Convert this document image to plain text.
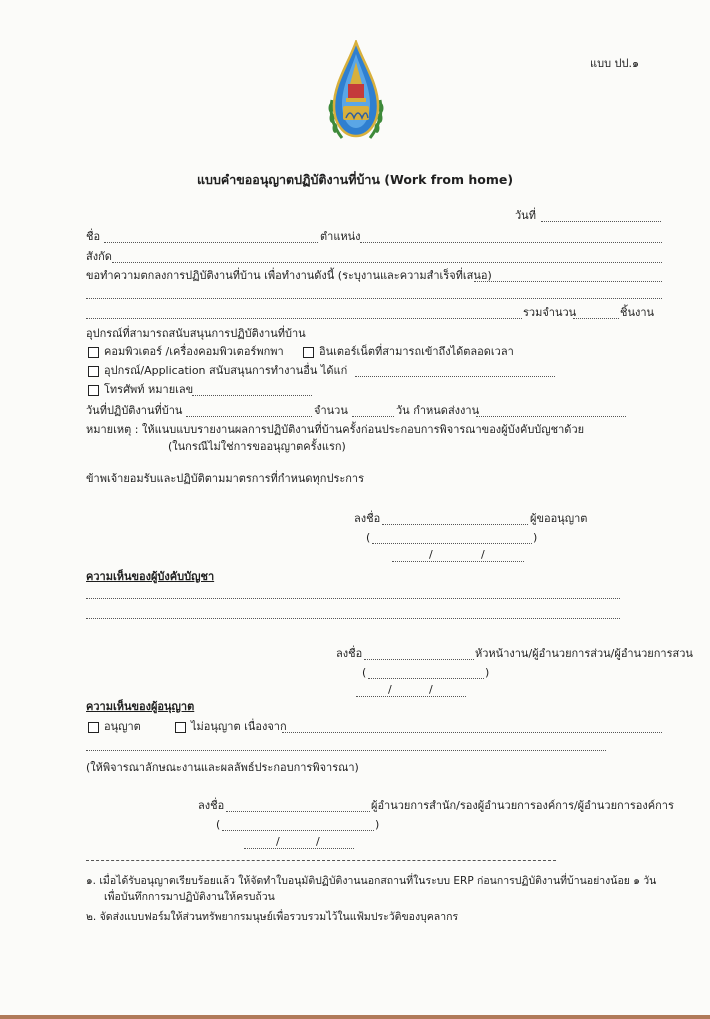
แบบ ปป.๑
แบบคำขออนุญาตปฏิบัติงานที่บ้าน (Work from home)
วันที่
ชื่อ	ตำแหน่ง
สังกัด
ขอทำความตกลงการปฏิบัติงานที่บ้าน เพื่อทำงานดังนี้ (ระบุงานและความสำเร็จที่เสนอ)
รวมจำนวน	ชิ้นงาน
อุปกรณ์ที่สามารถสนับสนุนการปฏิบัติงานที่บ้าน
คอมพิวเตอร์ /เครื่องคอมพิวเตอร์พกพา	อินเตอร์เน็ตที่สามารถเข้าถึงได้ตลอดเวลา
อุปกรณ์/Application สนับสนุนการทำงานอื่น ได้แก่
โทรศัพท์ หมายเลข
วันที่ปฏิบัติงานที่บ้าน	จำนวน	วัน กำหนดส่งงาน
หมายเหตุ : ให้แนบแบบรายงานผลการปฏิบัติงานที่บ้านครั้งก่อนประกอบการพิจารณาของผู้บังคับบัญชาด้วย
(ในกรณีไม่ใช่การขออนุญาตครั้งแรก)
ข้าพเจ้ายอมรับและปฏิบัติตามมาตรการที่กำหนดทุกประการ
ลงชื่อ	ผู้ขออนุญาต
(	)
/	/
ความเห็นของผู้บังคับบัญชา
ลงชื่อ	หัวหน้างาน/ผู้อำนวยการส่วน/ผู้อำนวยการสวน
(	)
/	/
ความเห็นของผู้อนุญาต
อนุญาต	ไม่อนุญาต เนื่องจาก
(ให้พิจารณาลักษณะงานและผลลัพธ์ประกอบการพิจารณา)
ลงชื่อ	ผู้อำนวยการสำนัก/รองผู้อำนวยการองค์การ/ผู้อำนวยการองค์การ
(	)
/	/
๑. เมื่อได้รับอนุญาตเรียบร้อยแล้ว ให้จัดทำใบอนุมัติปฏิบัติงานนอกสถานที่ในระบบ ERP ก่อนการปฏิบัติงานที่บ้านอย่างน้อย ๑ วัน
เพื่อบันทึกการมาปฏิบัติงานให้ครบถ้วน
๒. จัดส่งแบบฟอร์มให้ส่วนทรัพยากรมนุษย์เพื่อรวบรวมไว้ในแฟ้มประวัติของบุคลากร
